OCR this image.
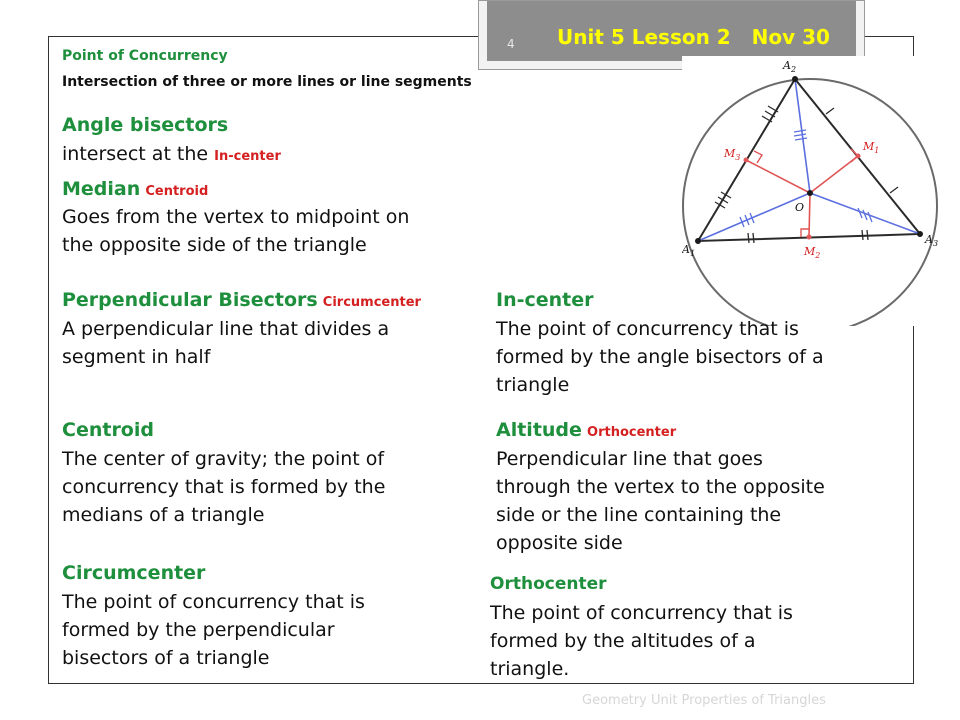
4 Unit 5 Lesson 2   Nov 30
$A_1$
$A_2$
$A_3$
$M_3$
$M_1$
$M_2$
O
Point of Concurrency
Intersection of three or more lines or line segments
Angle bisectors
intersect at the In-center
Median Centroid
Goes from the vertex to midpoint on
the opposite side of the triangle
Perpendicular Bisectors Circumcenter
A perpendicular line that divides a
segment in half
In-center
The point of concurrency that is
formed by the angle bisectors of a
triangle
Centroid
The center of gravity; the point of
concurrency that is formed by the
medians of a triangle
Altitude Orthocenter
Perpendicular line that goes
through the vertex to the opposite
side or the line containing the
opposite side
Circumcenter
The point of concurrency that is
formed by the perpendicular
bisectors of a triangle
Orthocenter
The point of concurrency that is
formed by the altitudes of a
triangle.
Geometry Unit Properties of Triangles
